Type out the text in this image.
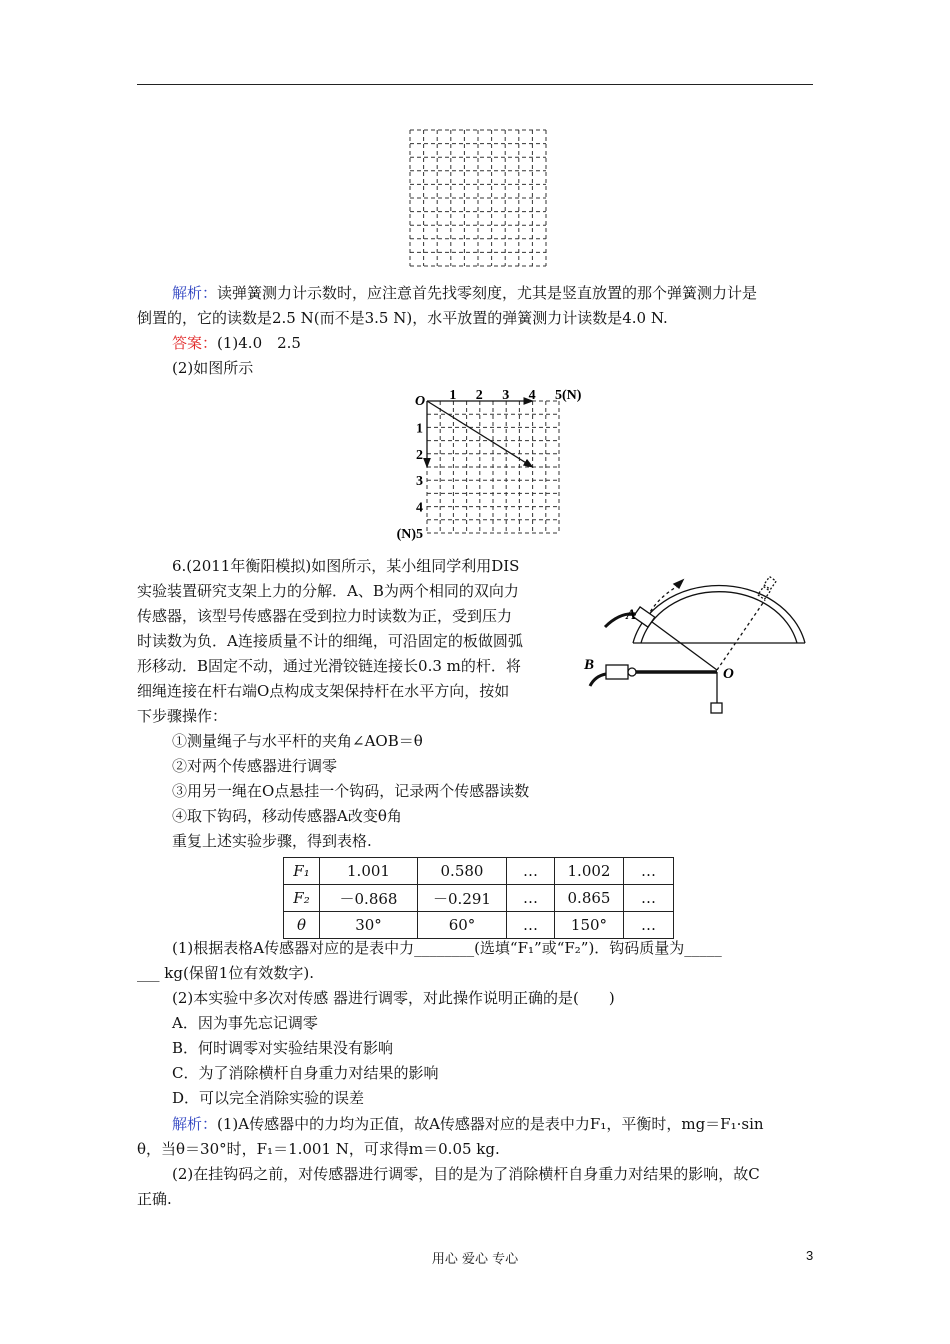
解析：读弹簧测力计示数时，应注意首先找零刻度，尤其是竖直放置的那个弹簧测力计是
倒置的，它的读数是2.5 N(而不是3.5 N)，水平放置的弹簧测力计读数是4.0 N.
答案：(1)4.0　2.5
(2)如图所示
O 1 2 3 4 5(N)
1
2
3
4
(N)5
6.(2011年衡阳模拟)如图所示，某小组同学利用DIS
实验装置研究支架上力的分解．A、B为两个相同的双向力
传感器，该型号传感器在受到拉力时读数为正，受到压力
时读数为负．A连接质量不计的细绳，可沿固定的板做圆弧
形移动．B固定不动，通过光滑铰链连接长0.3 m的杆．将
细绳连接在杆右端O点构成支架保持杆在水平方向，按如
下步骤操作：
A
B
O
①测量绳子与水平杆的夹角∠AOB＝θ
②对两个传感器进行调零
③用另一绳在O点悬挂一个钩码，记录两个传感器读数
④取下钩码，移动传感器A改变θ角
重复上述实验步骤，得到表格.
F₁	1.001	0.580	…	1.002	…
F₂	－0.868	－0.291	…	0.865	…
θ	30°	60°	…	150°	…
(1)根据表格A传感器对应的是表中力________(选填“F₁”或“F₂”)．钩码质量为_____
___ kg(保留1位有效数字).
(2)本实验中多次对传感 器进行调零，对此操作说明正确的是(　　)
A．因为事先忘记调零
B．何时调零对实验结果没有影响
C．为了消除横杆自身重力对结果的影响
D．可以完全消除实验的误差
解析：(1)A传感器中的力均为正值，故A传感器对应的是表中力F₁，平衡时，mg＝F₁·sin
θ，当θ＝30°时，F₁＝1.001 N，可求得m＝0.05 kg.
(2)在挂钩码之前，对传感器进行调零，目的是为了消除横杆自身重力对结果的影响，故C
正确.
用心 爱心 专心	3
